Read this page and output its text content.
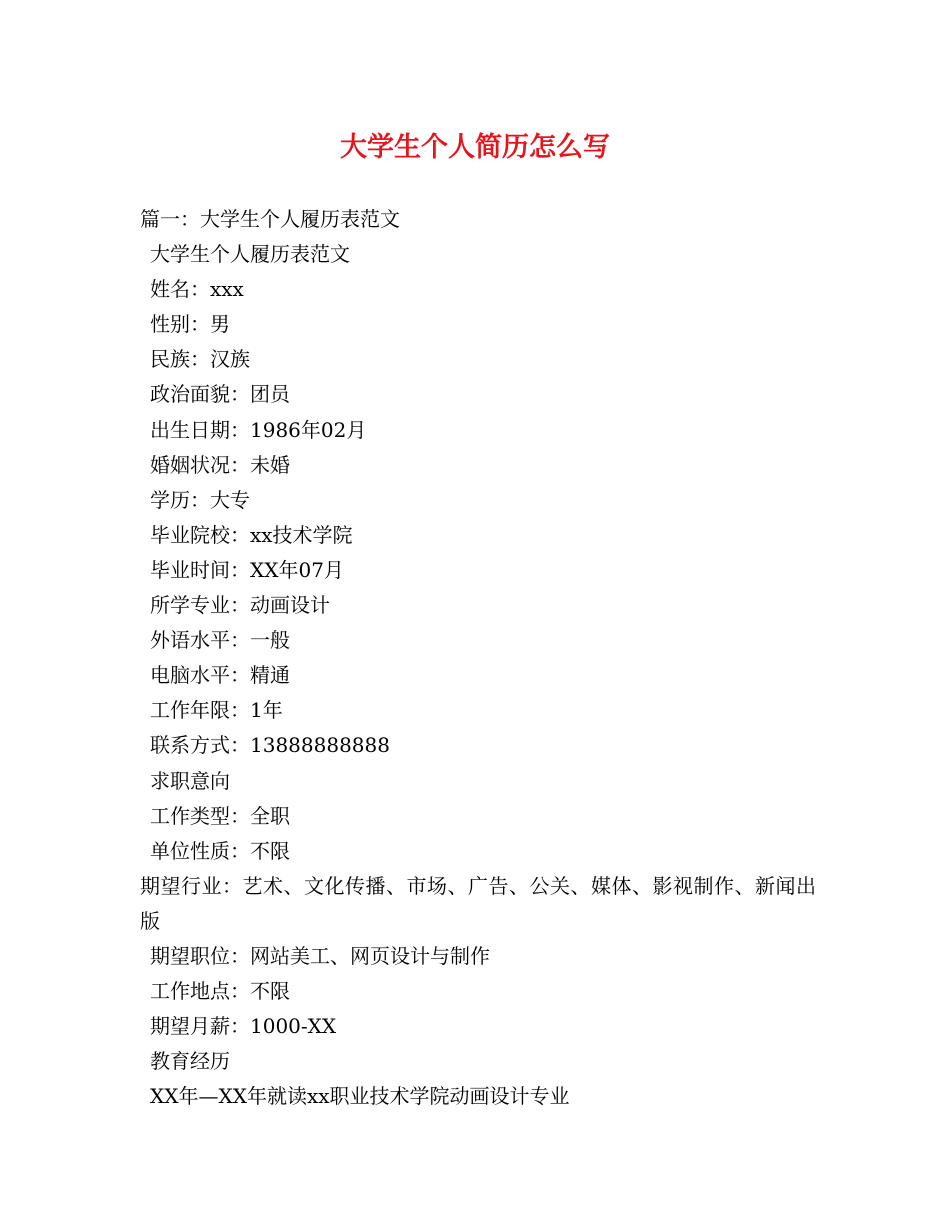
大学生个人简历怎么写

篇一：大学生个人履历表范文

大学生个人履历表范文

姓名：xxx

性别：男

民族：汉族

政治面貌：团员

出生日期：1986年02月

婚姻状况：未婚

学历：大专

毕业院校：xx技术学院

毕业时间：XX年07月

所学专业：动画设计

外语水平：一般

电脑水平：精通

工作年限：1年

联系方式：13888888888

求职意向

工作类型：全职

单位性质：不限

期望行业：艺术、文化传播、市场、广告、公关、媒体、影视制作、新闻出版

期望职位：网站美工、网页设计与制作

工作地点：不限

期望月薪：1000-XX

教育经历

XX年—XX年就读xx职业技术学院动画设计专业
